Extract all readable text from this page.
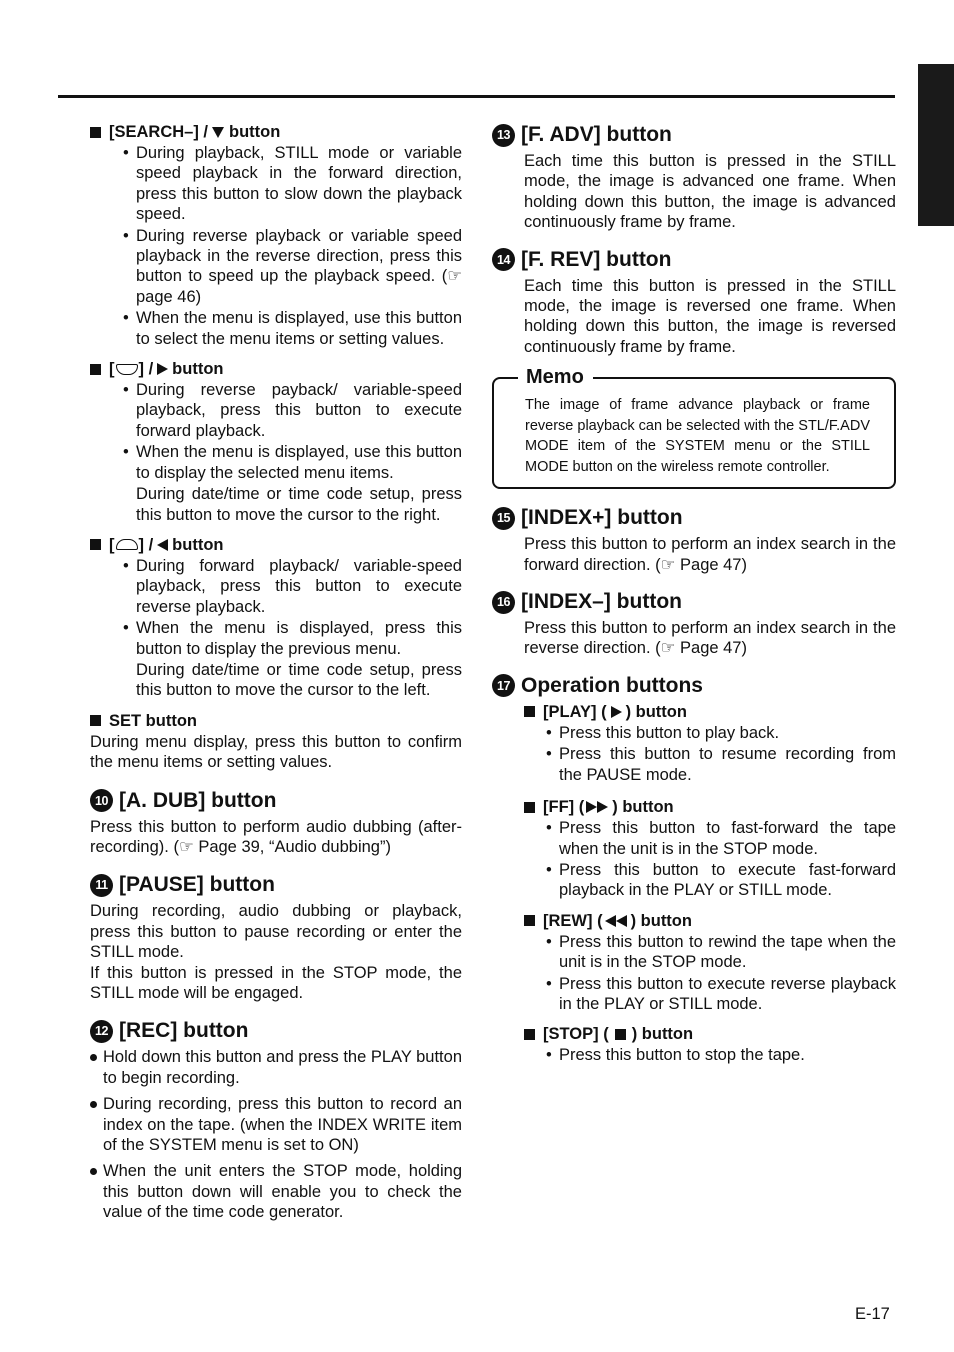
[SEARCH–] / button

• During playback, STILL mode or variable speed playback in the forward direction, press this button to slow down the playback speed.

• During reverse playback or variable speed playback in the reverse direction, press this button to speed up the playback speed. (☞ page 46)

• When the menu is displayed, use this button to select the menu items or setting values.

[ ] / button

• During reverse payback/ variable-speed playback, press this button to execute forward playback.

• When the menu is displayed, use this button to display the selected menu items.

During date/time or time code setup, press this button to move the cursor to the right.

[ ] / button

• During forward playback/ variable-speed playback, press this button to execute reverse playback.

• When the menu is displayed, press this button to display the previous menu.

During date/time or time code setup, press this button to move the cursor to the left.

SET button

During menu display, press this button to confirm the menu items or setting values.

10 [A. DUB] button

Press this button to perform audio dubbing (after-recording). (☞ Page 39, “Audio dubbing”)

11 [PAUSE] button

During recording, audio dubbing or playback, press this button to pause recording or enter the STILL mode.

If this button is pressed in the STOP mode, the STILL mode will be engaged.

12 [REC] button
Hold down this button and press the PLAY button to begin recording.
During recording, press this button to record an index on the tape. (when the INDEX WRITE item of the SYSTEM menu is set to ON)
When the unit enters the STOP mode, holding this button down will enable you to check the value of the time code generator.
13 [F. ADV] button

Each time this button is pressed in the STILL mode, the image is advanced one frame. When holding down this button, the image is advanced continuously frame by frame.

14 [F. REV] button

Each time this button is pressed in the STILL mode, the image is reversed one frame. When holding down this button, the image is reversed continuously frame by frame.

Memo

The image of frame advance playback or frame reverse playback can be selected with the STL/F.ADV MODE item of the SYSTEM menu or the STILL MODE button on the wireless remote controller.

15 [INDEX+] button

Press this button to perform an index search in the forward direction. (☞ Page 47)

16 [INDEX–] button

Press this button to perform an index search in the reverse direction. (☞ Page 47)

17 Operation buttons
[PLAY] ( ) button

• Press this button to play back.

• Press this button to resume recording from the PAUSE mode.

[FF] ( ) button

• Press this button to fast-forward the tape when the unit is in the STOP mode.

• Press this button to execute fast-forward playback in the PLAY or STILL mode.

[REW] ( ) button

• Press this button to rewind the tape when the unit is in the STOP mode.

• Press this button to execute reverse playback in the PLAY or STILL mode.

[STOP] ( ) button

• Press this button to stop the tape.

E-17
